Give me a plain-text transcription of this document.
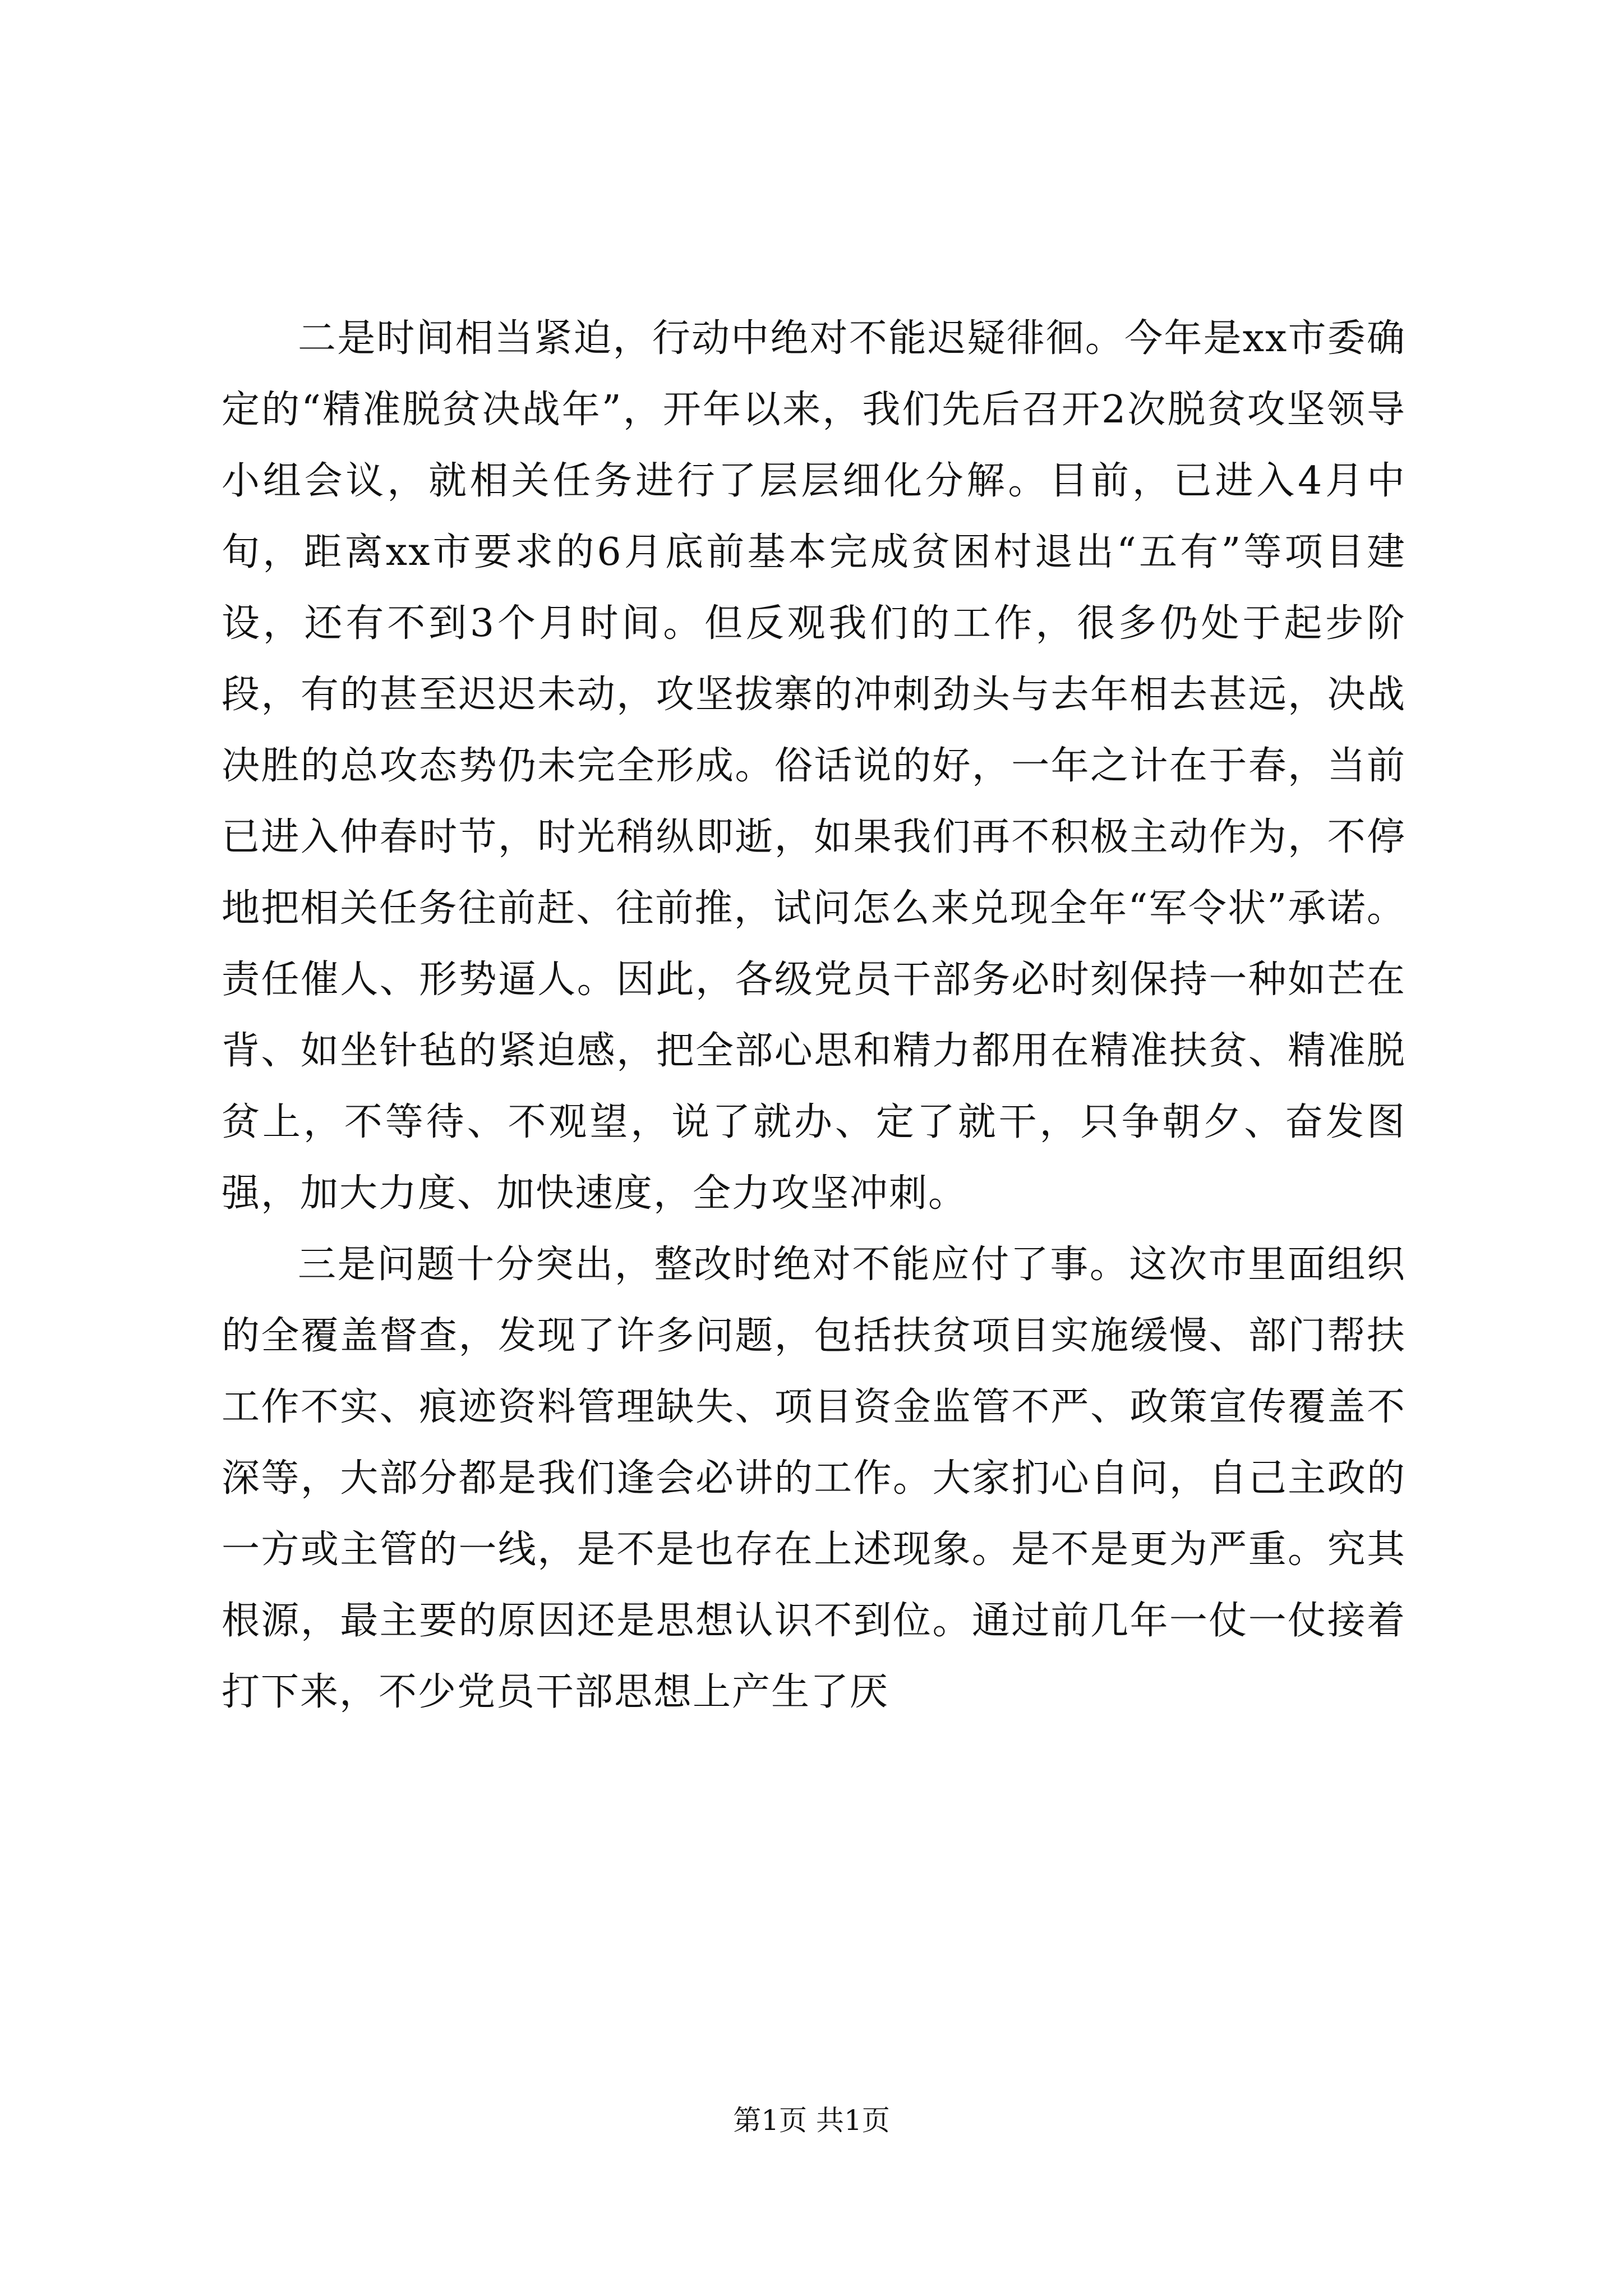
二是时间相当紧迫，行动中绝对不能迟疑徘徊。今年是xx市委确定的“精准脱贫决战年”，开年以来，我们先后召开2次脱贫攻坚领导小组会议，就相关任务进行了层层细化分解。目前，已进入4月中旬，距离xx市要求的6月底前基本完成贫困村退出“五有”等项目建设，还有不到3个月时间。但反观我们的工作，很多仍处于起步阶段，有的甚至迟迟未动，攻坚拔寨的冲刺劲头与去年相去甚远，决战决胜的总攻态势仍未完全形成。俗话说的好，一年之计在于春，当前已进入仲春时节，时光稍纵即逝，如果我们再不积极主动作为，不停地把相关任务往前赶、往前推，试问怎么来兑现全年“军令状”承诺。责任催人、形势逼人。因此，各级党员干部务必时刻保持一种如芒在背、如坐针毡的紧迫感，把全部心思和精力都用在精准扶贫、精准脱贫上，不等待、不观望，说了就办、定了就干，只争朝夕、奋发图强，加大力度、加快速度，全力攻坚冲刺。

三是问题十分突出，整改时绝对不能应付了事。这次市里面组织的全覆盖督查，发现了许多问题，包括扶贫项目实施缓慢、部门帮扶工作不实、痕迹资料管理缺失、项目资金监管不严、政策宣传覆盖不深等，大部分都是我们逢会必讲的工作。大家扪心自问，自己主政的一方或主管的一线，是不是也存在上述现象。是不是更为严重。究其根源，最主要的原因还是思想认识不到位。通过前几年一仗一仗接着打下来，不少党员干部思想上产生了厌

第1页 共1页
